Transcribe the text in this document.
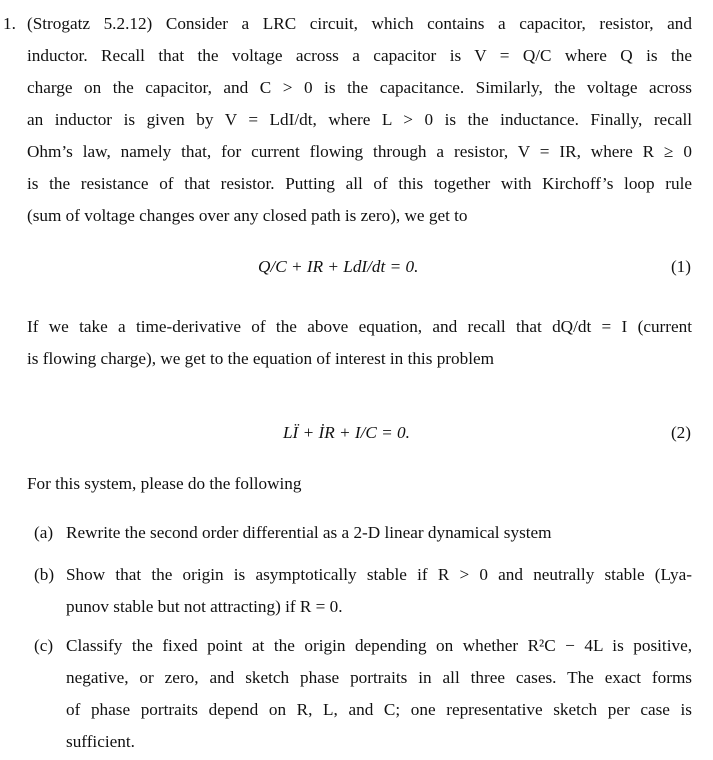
1. (Strogatz 5.2.12) Consider a LRC circuit, which contains a capacitor, resistor, and
inductor. Recall that the voltage across a capacitor is V = Q/C where Q is the
charge on the capacitor, and C > 0 is the capacitance. Similarly, the voltage across
an inductor is given by V = LdI/dt, where L > 0 is the inductance. Finally, recall
Ohm’s law, namely that, for current flowing through a resistor, V = IR, where R ≥ 0
is the resistance of that resistor. Putting all of this together with Kirchoff’s loop rule
(sum of voltage changes over any closed path is zero), we get to
Q/C + IR + LdI/dt = 0.	(1)
If we take a time-derivative of the above equation, and recall that dQ/dt = I (current
is flowing charge), we get to the equation of interest in this problem
LÏ + İR + I/C = 0.	(2)
For this system, please do the following
(a) Rewrite the second order differential as a 2-D linear dynamical system
(b) Show that the origin is asymptotically stable if R > 0 and neutrally stable (Lya-
punov stable but not attracting) if R = 0.
(c) Classify the fixed point at the origin depending on whether R²C − 4L is positive,
negative, or zero, and sketch phase portraits in all three cases. The exact forms
of phase portraits depend on R, L, and C; one representative sketch per case is
sufficient.
